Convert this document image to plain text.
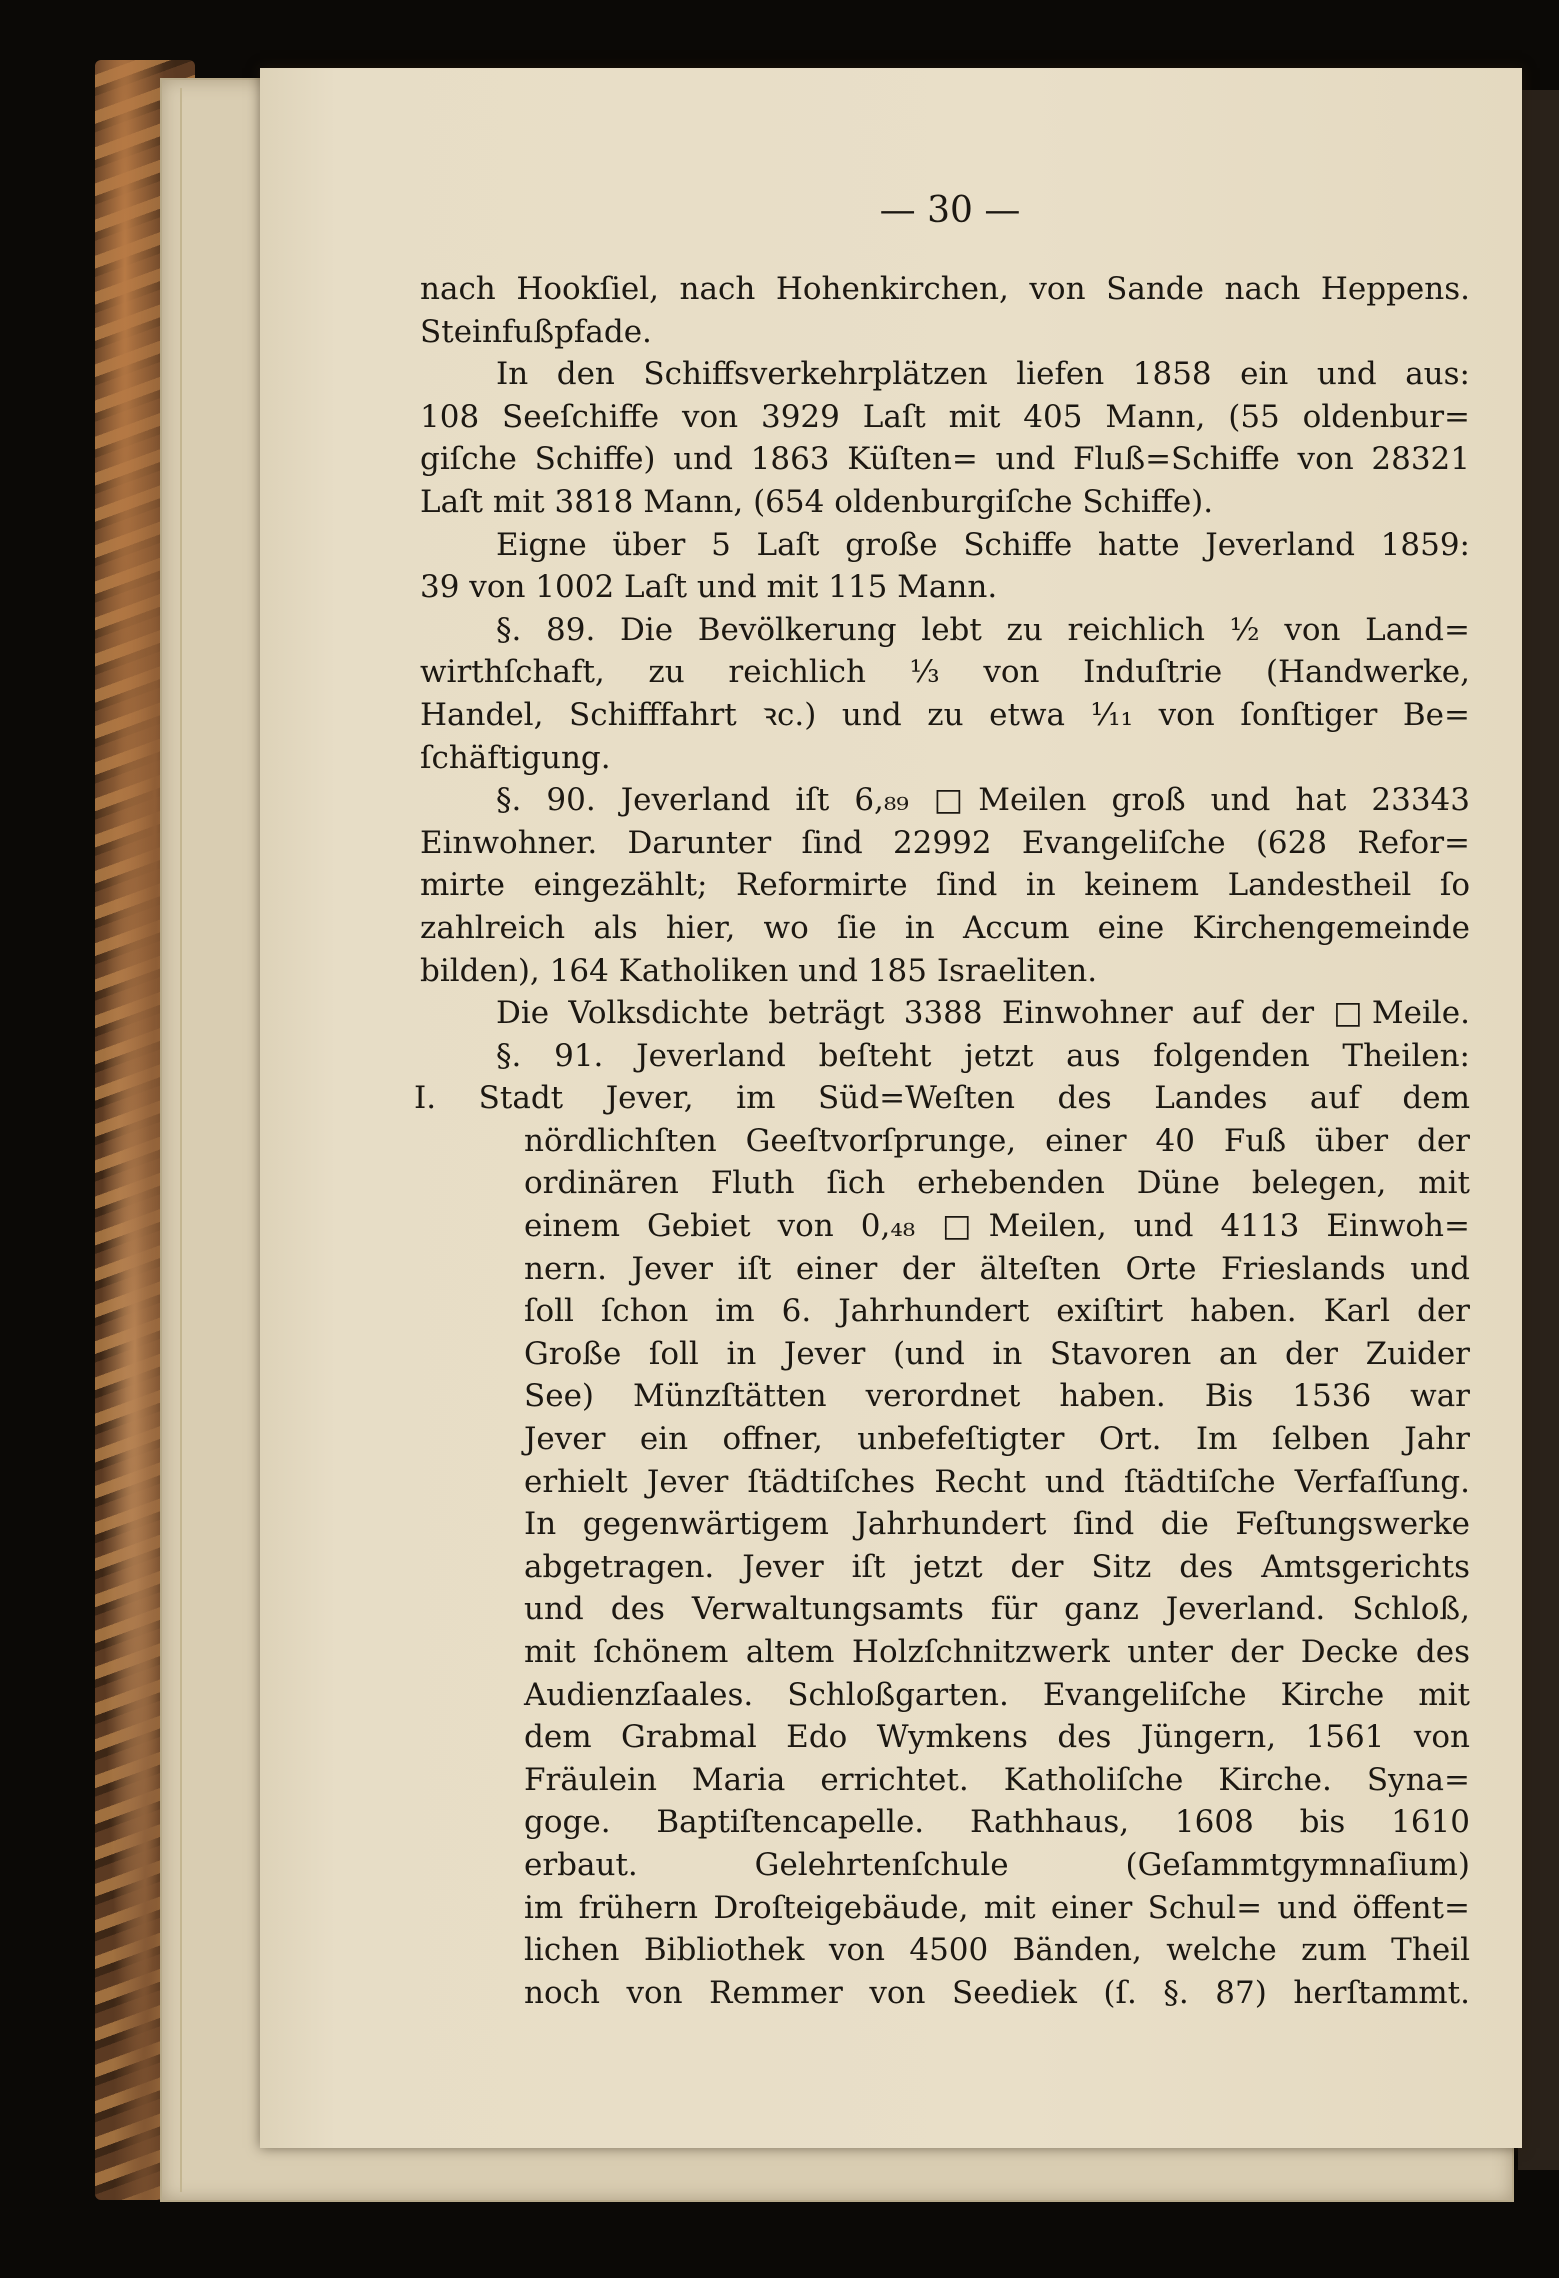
— 30 —
nach Hookſiel, nach Hohenkirchen, von Sande nach Heppens.
Steinfußpfade.
In den Schiffsverkehrplätzen liefen 1858 ein und aus:
108 Seeſchiffe von 3929 Laſt mit 405 Mann, (55 oldenbur=
giſche Schiffe) und 1863 Küſten= und Fluß=Schiffe von 28321
Laſt mit 3818 Mann, (654 oldenburgiſche Schiffe).
Eigne über 5 Laſt große Schiffe hatte Jeverland 1859:
39 von 1002 Laſt und mit 115 Mann.
§. 89. Die Bevölkerung lebt zu reichlich ½ von Land=
wirthſchaft, zu reichlich ⅓ von Induſtrie (Handwerke,
Handel, Schifffahrt ꝛc.) und zu etwa ¹⁄₁₁ von ſonſtiger Be=
ſchäftigung.
§. 90. Jeverland iſt 6,₈₉ □Meilen groß und hat 23343
Einwohner. Darunter ſind 22992 Evangeliſche (628 Refor=
mirte eingezählt; Reformirte ſind in keinem Landestheil ſo
zahlreich als hier, wo ſie in Accum eine Kirchengemeinde
bilden), 164 Katholiken und 185 Israeliten.
Die Volksdichte beträgt 3388 Einwohner auf der □Meile.
§. 91. Jeverland beſteht jetzt aus folgenden Theilen:
I. Stadt Jever, im Süd=Weſten des Landes auf dem
nördlichſten Geeſtvorſprunge, einer 40 Fuß über der
ordinären Fluth ſich erhebenden Düne belegen, mit
einem Gebiet von 0,₄₈ □Meilen, und 4113 Einwoh=
nern. Jever iſt einer der älteſten Orte Frieslands und
ſoll ſchon im 6. Jahrhundert exiſtirt haben. Karl der
Große ſoll in Jever (und in Stavoren an der Zuider
See) Münzſtätten verordnet haben. Bis 1536 war
Jever ein offner, unbefeſtigter Ort. Im ſelben Jahr
erhielt Jever ſtädtiſches Recht und ſtädtiſche Verfaſſung.
In gegenwärtigem Jahrhundert ſind die Feſtungswerke
abgetragen. Jever iſt jetzt der Sitz des Amtsgerichts
und des Verwaltungsamts für ganz Jeverland. Schloß,
mit ſchönem altem Holzſchnitzwerk unter der Decke des
Audienzſaales. Schloßgarten. Evangeliſche Kirche mit
dem Grabmal Edo Wymkens des Jüngern, 1561 von
Fräulein Maria errichtet. Katholiſche Kirche. Syna=
goge. Baptiſtencapelle. Rathhaus, 1608 bis 1610
erbaut. Gelehrtenſchule (Geſammtgymnaſium)
im frühern Droſteigebäude, mit einer Schul= und öffent=
lichen Bibliothek von 4500 Bänden, welche zum Theil
noch von Remmer von Seediek (ſ. §. 87) herſtammt.
